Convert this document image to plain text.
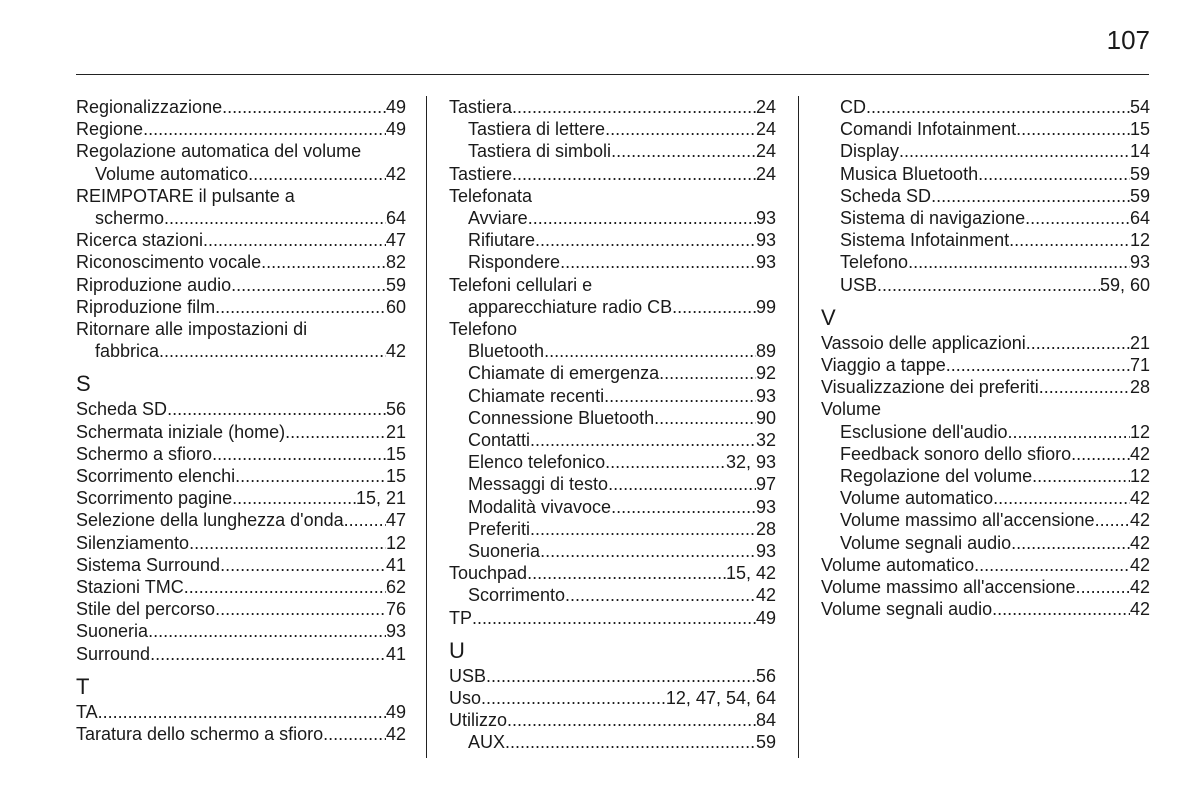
107
Regionalizzazione .....	49
Regione .....	49
Regolazione automatica del volume
Volume automatico .....	42
REIMPOTARE il pulsante a
schermo .....	64
Ricerca stazioni .....	47
Riconoscimento vocale .....	82
Riproduzione audio .....	59
Riproduzione film .....	60
Ritornare alle impostazioni di
fabbrica .....	42
S
Scheda SD .....	56
Schermata iniziale (home) .....	21
Schermo a sfioro .....	15
Scorrimento elenchi .....	15
Scorrimento pagine .....	15, 21
Selezione della lunghezza d'onda ..... 47
Silenziamento .....	12
Sistema Surround .....	41
Stazioni TMC .....	62
Stile del percorso .....	76
Suoneria .....	93
Surround .....	41
T
TA .....	49
Taratura dello schermo a sfioro .....	42
Tastiera .....	24
Tastiera di lettere .....	24
Tastiera di simboli .....	24
Tastiere .....	24
Telefonata
Avviare .....	93
Rifiutare .....	93
Rispondere .....	93
Telefoni cellulari e
apparecchiature radio CB .....	99
Telefono
Bluetooth .....	89
Chiamate di emergenza .....	92
Chiamate recenti .....	93
Connessione Bluetooth .....	90
Contatti .....	32
Elenco telefonico .....	32, 93
Messaggi di testo .....	97
Modalità vivavoce .....	93
Preferiti .....	28
Suoneria .....	93
Touchpad .....	15, 42
Scorrimento .....	42
TP .....	49
U
USB .....	56
Uso .....	12, 47, 54, 64
Utilizzo .....	84
AUX .....	59
CD .....	54
Comandi Infotainment .....	15
Display .....	14
Musica Bluetooth .....	59
Scheda SD .....	59
Sistema di navigazione .....	64
Sistema Infotainment .....	12
Telefono .....	93
USB .....	59, 60
V
Vassoio delle applicazioni .....	21
Viaggio a tappe .....	71
Visualizzazione dei preferiti .....	28
Volume
Esclusione dell'audio .....	12
Feedback sonoro dello sfioro .....	42
Regolazione del volume .....	12
Volume automatico .....	42
Volume massimo all'accensione ..... 42
Volume segnali audio .....	42
Volume automatico .....	42
Volume massimo all'accensione. .....	42
Volume segnali audio .....	42
